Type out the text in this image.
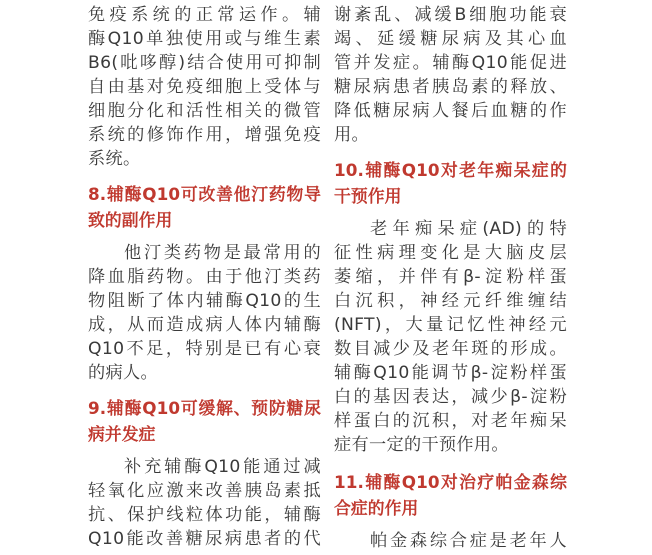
免疫系统的正常运作。辅
酶Q10单独使用或与维生素
B6(吡哆醇)结合使用可抑制
自由基对免疫细胞上受体与
细胞分化和活性相关的微管
系统的修饰作用，增强免疫
系统。
8.辅酶Q10可改善他汀药物导
致的副作用
他汀类药物是最常用的
降血脂药物。由于他汀类药
物阻断了体内辅酶Q10的生
成，从而造成病人体内辅酶
Q10不足，特别是已有心衰
的病人。
9.辅酶Q10可缓解、预防糖尿
病并发症
补充辅酶Q10能通过减
轻氧化应激来改善胰岛素抵
抗、保护线粒体功能，辅酶
Q10能改善糖尿病患者的代
谢紊乱、减缓B细胞功能衰
竭、延缓糖尿病及其心血
管并发症。辅酶Q10能促进
糖尿病患者胰岛素的释放、
降低糖尿病人餐后血糖的作
用。
10.辅酶Q10对老年痴呆症的
干预作用
老年痴呆症(AD)的特
征性病理变化是大脑皮层
萎缩，并伴有β-淀粉样蛋
白沉积，神经元纤维缠结
(NFT)，大量记忆性神经元
数目减少及老年斑的形成。
辅酶Q10能调节β-淀粉样蛋
白的基因表达，减少β-淀粉
样蛋白的沉积，对老年痴呆
症有一定的干预作用。
11.辅酶Q10对治疗帕金森综
合症的作用
帕金森综合症是老年人
